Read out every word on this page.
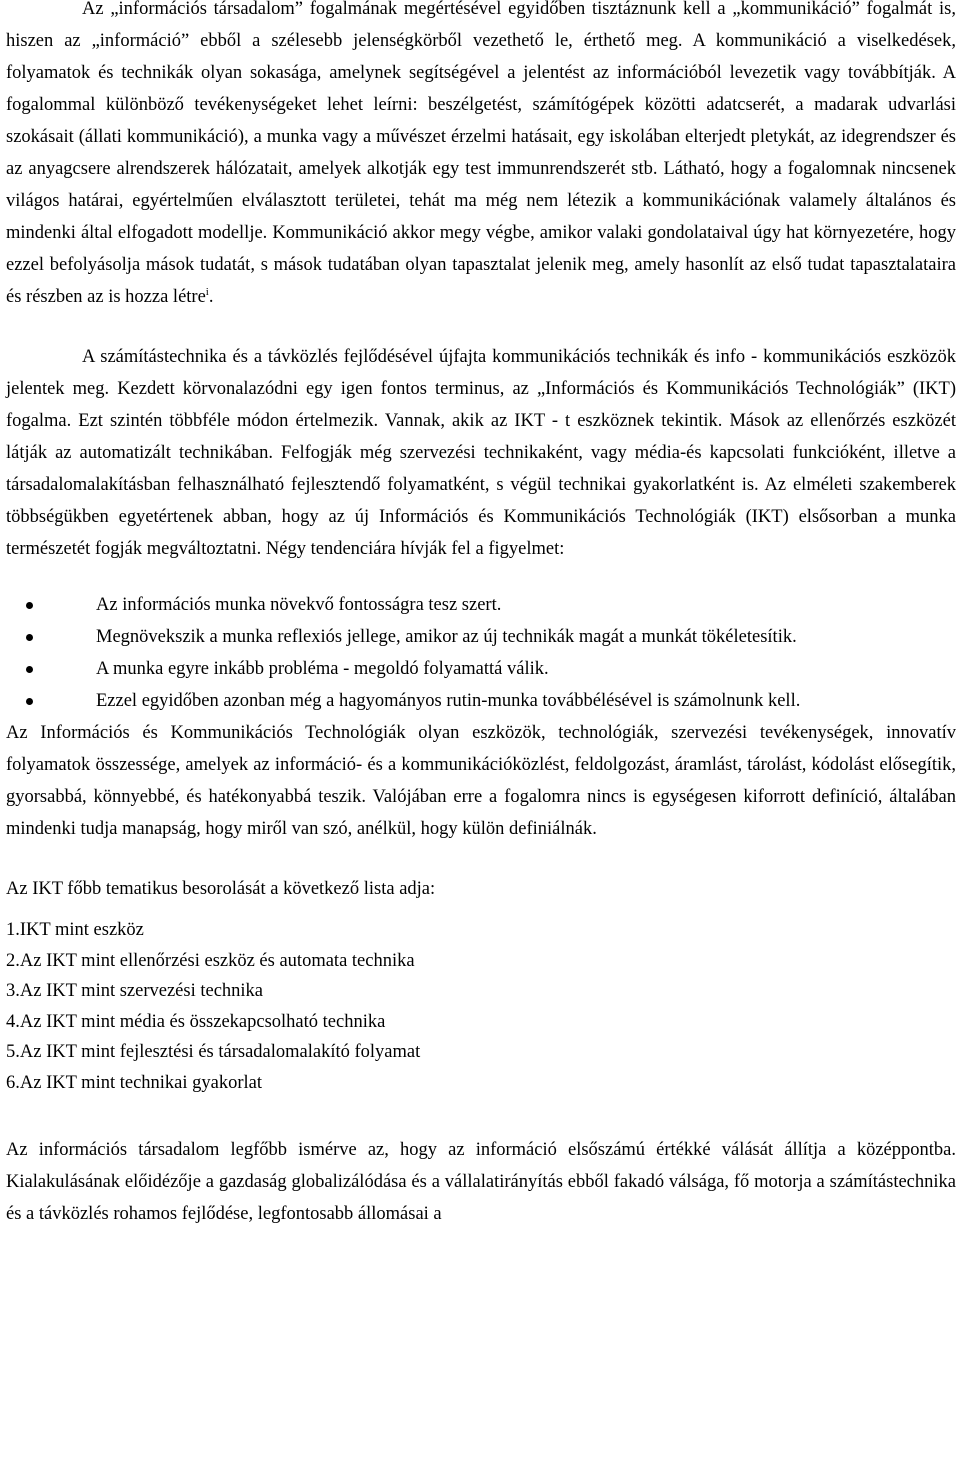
Az „információs társadalom” fogalmának megértésével egyidőben tisztáznunk kell a „kommunikáció” fogalmát is, hiszen az „információ” ebből a szélesebb jelenségkörből vezethető le, érthető meg. A kommunikáció a viselkedések, folyamatok és technikák olyan sokasága, amelynek segítségével a jelentést az információból levezetik vagy továbbítják. A fogalommal különböző tevékenységeket lehet leírni: beszélgetést, számítógépek közötti adatcserét, a madarak udvarlási szokásait (állati kommunikáció), a munka vagy a művészet érzelmi hatásait, egy iskolában elterjedt pletykát, az idegrendszer és az anyagcsere alrendszerek hálózatait, amelyek alkotják egy test immunrendszerét stb. Látható, hogy a fogalomnak nincsenek világos határai, egyértelműen elválasztott területei, tehát ma még nem létezik a kommunikációnak valamely általános és mindenki által elfogadott modellje. Kommunikáció akkor megy végbe, amikor valaki gondolataival úgy hat környezetére, hogy ezzel befolyásolja mások tudatát, s mások tudatában olyan tapasztalat jelenik meg, amely hasonlít az első tudat tapasztalataira és részben az is hozza létre$^i$.

A számítástechnika és a távközlés fejlődésével újfajta kommunikációs technikák és info - kommunikációs eszközök jelentek meg. Kezdett körvonalazódni egy igen fontos terminus, az „Információs és Kommunikációs Technológiák” (IKT) fogalma. Ezt szintén többféle módon értelmezik. Vannak, akik az IKT - t eszköznek tekintik. Mások az ellenőrzés eszközét látják az automatizált technikában. Felfogják még szervezési technikaként, vagy média-és kapcsolati funkcióként, illetve a társadalomalakításban felhasználható fejlesztendő folyamatként, s végül technikai gyakorlatként is. Az elméleti szakemberek többségükben egyetértenek abban, hogy az új Információs és Kommunikációs Technológiák (IKT) elsősorban a munka természetét fogják megváltoztatni. Négy tendenciára hívják fel a figyelmet:

Az információs munka növekvő fontosságra tesz szert.
Megnövekszik a munka reflexiós jellege, amikor az új technikák magát a munkát tökéletesítik.
A munka egyre inkább probléma - megoldó folyamattá válik.
Ezzel egyidőben azonban még a hagyományos rutin-munka továbbélésével is számolnunk kell.

Az Információs és Kommunikációs Technológiák olyan eszközök, technológiák, szervezési tevékenységek, innovatív folyamatok összessége, amelyek az információ- és a kommunikációközlést, feldolgozást, áramlást, tárolást, kódolást elősegítik, gyorsabbá, könnyebbé, és hatékonyabbá teszik. Valójában erre a fogalomra nincs is egységesen kiforrott definíció, általában mindenki tudja manapság, hogy miről van szó, anélkül, hogy külön definiálnák.

Az IKT főbb tematikus besorolását a következő lista adja:

1.IKT mint eszköz
2.Az IKT mint ellenőrzési eszköz és automata technika
3.Az IKT mint szervezési technika
4.Az IKT mint média és összekapcsolható technika
5.Az IKT mint fejlesztési és társadalomalakító folyamat
6.Az IKT mint technikai gyakorlat

Az információs társadalom legfőbb ismérve az, hogy az információ elsőszámú értékké válását állítja a középpontba. Kialakulásának előidézője a gazdaság globalizálódása és a vállalatirányítás ebből fakadó válsága, fő motorja a számítástechnika és a távközlés rohamos fejlődése, legfontosabb állomásai a
